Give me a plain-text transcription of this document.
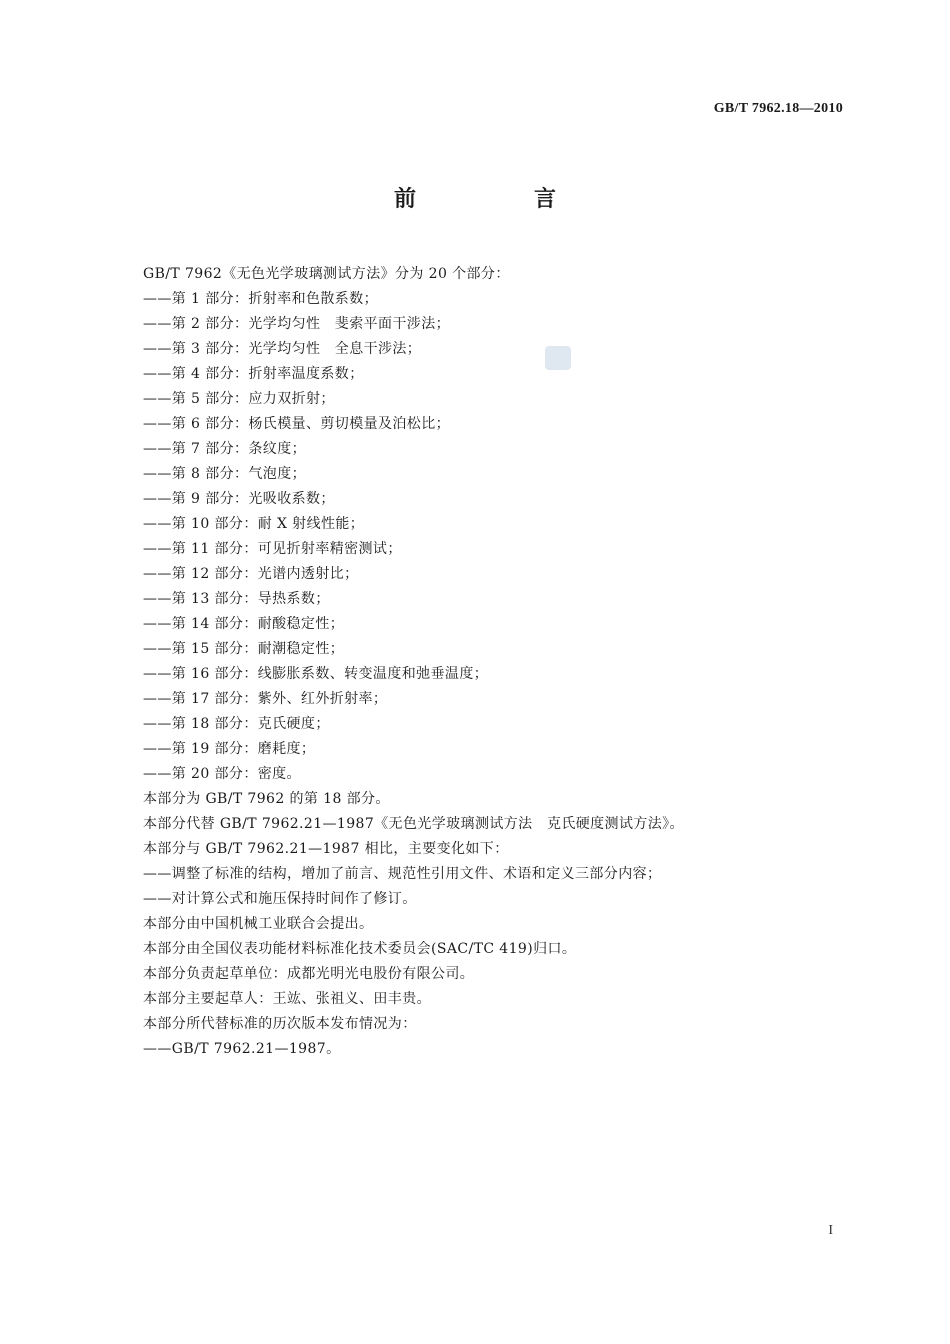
GB/T 7962.18—2010
前　言
GB/T 7962《无色光学玻璃测试方法》分为 20 个部分：
——第 1 部分：折射率和色散系数；
——第 2 部分：光学均匀性　斐索平面干涉法；
——第 3 部分：光学均匀性　全息干涉法；
——第 4 部分：折射率温度系数；
——第 5 部分：应力双折射；
——第 6 部分：杨氏模量、剪切模量及泊松比；
——第 7 部分：条纹度；
——第 8 部分：气泡度；
——第 9 部分：光吸收系数；
——第 10 部分：耐 X 射线性能；
——第 11 部分：可见折射率精密测试；
——第 12 部分：光谱内透射比；
——第 13 部分：导热系数；
——第 14 部分：耐酸稳定性；
——第 15 部分：耐潮稳定性；
——第 16 部分：线膨胀系数、转变温度和弛垂温度；
——第 17 部分：紫外、红外折射率；
——第 18 部分：克氏硬度；
——第 19 部分：磨耗度；
——第 20 部分：密度。
本部分为 GB/T 7962 的第 18 部分。
本部分代替 GB/T 7962.21—1987《无色光学玻璃测试方法　克氏硬度测试方法》。
本部分与 GB/T 7962.21—1987 相比，主要变化如下：
——调整了标准的结构，增加了前言、规范性引用文件、术语和定义三部分内容；
——对计算公式和施压保持时间作了修订。
本部分由中国机械工业联合会提出。
本部分由全国仪表功能材料标准化技术委员会(SAC/TC 419)归口。
本部分负责起草单位：成都光明光电股份有限公司。
本部分主要起草人：王竑、张祖义、田丰贵。
本部分所代替标准的历次版本发布情况为：
——GB/T 7962.21—1987。
I
